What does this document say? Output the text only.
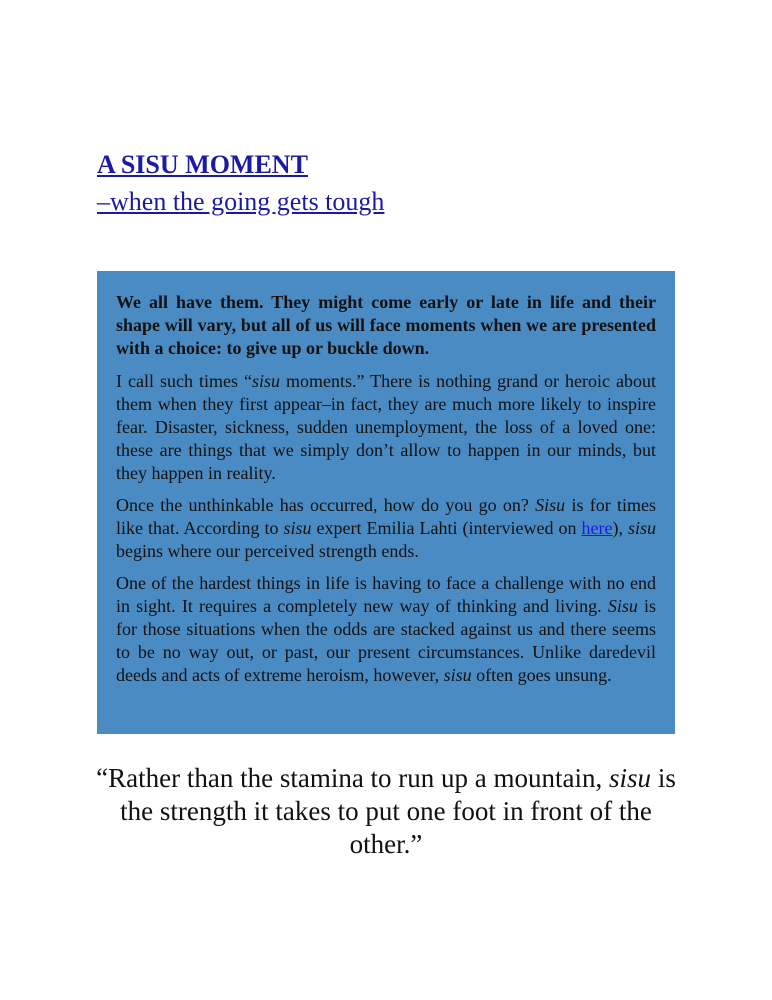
A SISU MOMENT
–when the going gets tough

We all have them. They might come early or late in life and their shape will vary, but all of us will face moments when we are presented with a choice: to give up or buckle down.

I call such times “sisu moments.” There is nothing grand or heroic about them when they first appear–in fact, they are much more likely to inspire fear. Disaster, sickness, sudden unemployment, the loss of a loved one: these are things that we simply don’t allow to happen in our minds, but they happen in reality.

Once the unthinkable has occurred, how do you go on? Sisu is for times like that. According to sisu expert Emilia Lahti (interviewed on here), sisu begins where our perceived strength ends.

One of the hardest things in life is having to face a challenge with no end in sight. It requires a completely new way of thinking and living. Sisu is for those situations when the odds are stacked against us and there seems to be no way out, or past, our present circumstances. Unlike daredevil deeds and acts of extreme heroism, however, sisu often goes unsung.

“Rather than the stamina to run up a mountain, sisu is the strength it takes to put one foot in front of the other.”
